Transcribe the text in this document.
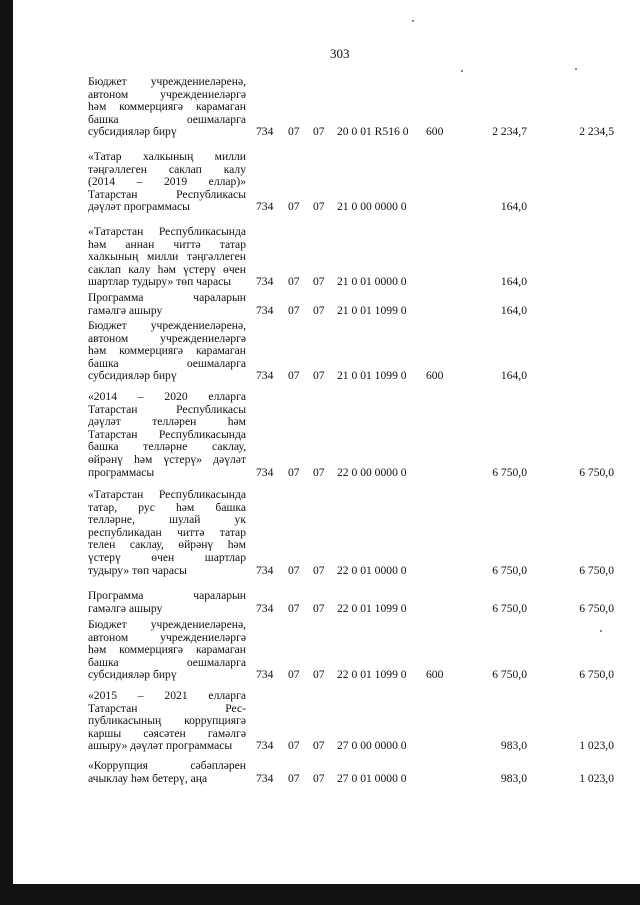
303
Бюджет учреждениеләренә,
автоном учреждениеләргә
һәм коммерциягә карамаган
башка оешмаларга
субсидияләр бирү	734 07 07 20 0 01 R516 0 600	2 234,7	2 234,5
«Татар халкының милли
тәңгәллеген саклап калу
(2014 – 2019 еллар)»
Татарстан Республикасы
дәүләт программасы	734 07 07 21 0 00 0000 0	164,0
«Татарстан Республикасында
һәм аннан читтә татар
халкының милли тәңгәллеген
саклап калу һәм үстерү өчен
шартлар тудыру» төп чарасы	734 07 07 21 0 01 0000 0	164,0
Программа чараларын
гамәлгә ашыру	734 07 07 21 0 01 1099 0	164,0
Бюджет учреждениеләренә,
автоном учреждениеләргә
һәм коммерциягә карамаган
башка оешмаларга
субсидияләр бирү	734 07 07 21 0 01 1099 0 600	164,0
«2014 – 2020 елларга
Татарстан Республикасы
дәүләт телләрен һәм
Татарстан Республикасында
башка телләрне саклау,
өйрәнү һәм үстерү» дәүләт
программасы	734 07 07 22 0 00 0000 0	6 750,0	6 750,0
«Татарстан Республикасында
татар, рус һәм башка
телләрне, шулай ук
республикадан читтә татар
телен саклау, өйрәнү һәм
үстерү өчен шартлар
тудыру» төп чарасы	734 07 07 22 0 01 0000 0	6 750,0	6 750,0
Программа чараларын
гамәлгә ашыру	734 07 07 22 0 01 1099 0	6 750,0	6 750,0
Бюджет учреждениеләренә,
автоном учреждениеләргә
һәм коммерциягә карамаган
башка оешмаларга
субсидияләр бирү	734 07 07 22 0 01 1099 0 600	6 750,0	6 750,0
«2015 – 2021 елларга
Татарстан Рес-
публикасының коррупциягә
каршы сәясәтен гамәлгә
ашыру» дәүләт программасы	734 07 07 27 0 00 0000 0	983,0	1 023,0
«Коррупция сәбәпләрен
ачыклау һәм бетерү, аңа	734 07 07 27 0 01 0000 0	983,0	1 023,0
